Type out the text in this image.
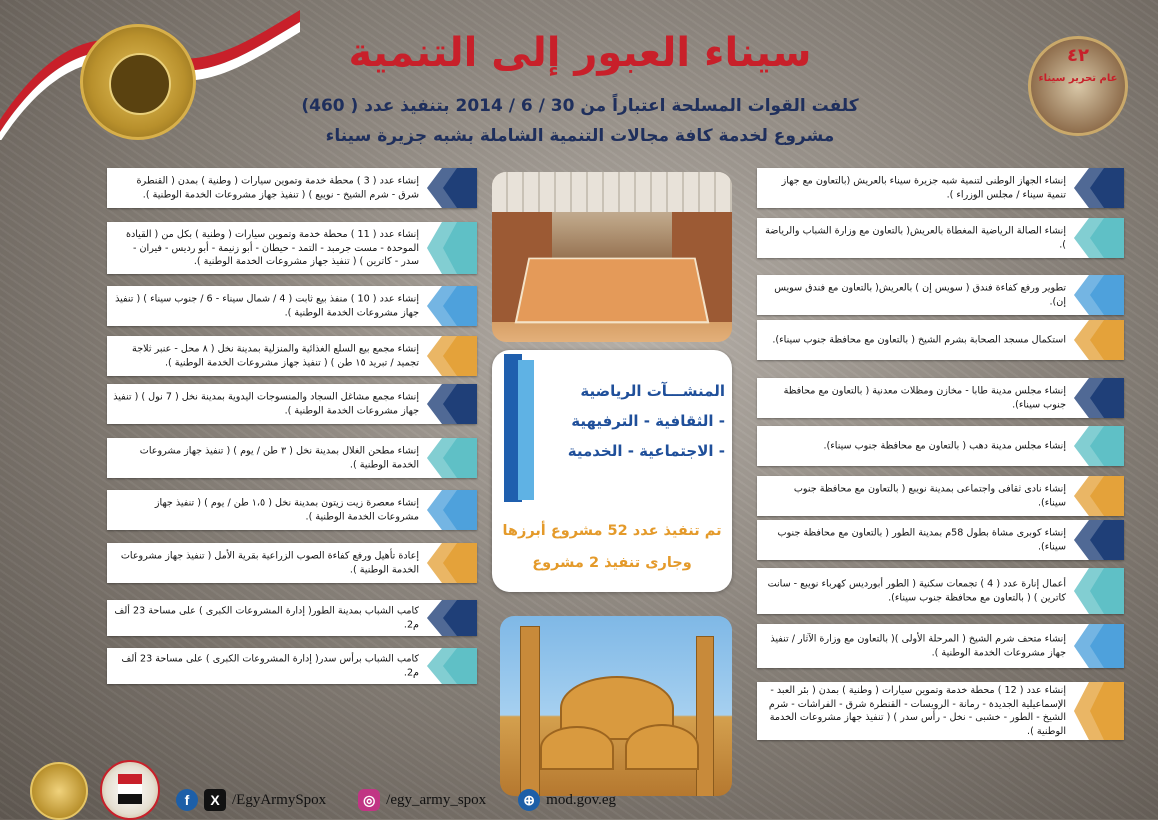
٤٢
عام تحرير سيناء
سيناء العبور إلى التنمية

كلفت القوات المسلحة اعتباراً من 30 / 6 / 2014 بتنفيذ عدد ( 460)

مشروع لخدمة كافة مجالات التنمية الشاملة بشبه جزيرة سيناء

إنشاء الجهاز الوطنى لتنمية شبه جزيرة سيناء بالعريش (بالتعاون مع جهاز تنمية سيناء / مجلس الوزراء ).
إنشاء الصالة الرياضية المغطاة بالعريش( بالتعاون مع وزارة الشباب والرياضة ).
تطوير ورفع كفاءة فندق ( سويس إن ) بالعريش( بالتعاون مع فندق سويس إن).
استكمال مسجد الصحابة بشرم الشيخ ( بالتعاون مع محافظة جنوب سيناء).
إنشاء مجلس مدينة طابا - مخازن ومظلات معدنية ( بالتعاون مع محافظة جنوب سيناء).
إنشاء مجلس مدينة دهب ( بالتعاون مع محافظة جنوب سيناء).
إنشاء نادى ثقافى واجتماعى بمدينة نويبع ( بالتعاون مع محافظة جنوب سيناء).
إنشاء كوبرى مشاة بطول 58م بمدينة الطور ( بالتعاون مع محافظة جنوب سيناء).
أعمال إنارة عدد ( 4 ) تجمعات سكنية ( الطور أبورديس كهرباء نويبع - سانت كاترين ) ( بالتعاون مع محافظة جنوب سيناء).
إنشاء متحف شرم الشيخ ( المرحلة الأولى )( بالتعاون مع وزارة الآثار / تنفيذ جهاز مشروعات الخدمة الوطنية ).
إنشاء عدد ( 12 ) محطة خدمة وتموين سيارات ( وطنية ) بمدن ( بئر العبد - الإسماعيلية الجديدة - رمانة - الرويسات - القنطرة شرق - الفراشات - شرم الشيخ - الطور - خشبى - نخل - رأس سدر ) ( تنفيذ جهاز مشروعات الخدمة الوطنية ).
إنشاء عدد ( 3 ) محطة خدمة وتموين سيارات ( وطنية ) بمدن ( القنطرة شرق - شرم الشيخ - نويبع ) ( تنفيذ جهاز مشروعات الخدمة الوطنية ).
إنشاء عدد ( 11 ) محطة خدمة وتموين سيارات ( وطنية ) بكل من ( القيادة الموحدة - مست جرمبد - التمد - حيطان - أبو زنيمة - أبو رديس - فيران - سدر - كاترين ) ( تنفيذ جهاز مشروعات الخدمة الوطنية ).
إنشاء عدد ( 10 ) منفذ بيع ثابت ( 4 / شمال سيناء - 6 / جنوب سيناء ) ( تنفيذ جهاز مشروعات الخدمة الوطنية ).
إنشاء مجمع بيع السلع الغذائية والمنزلية بمدينة نخل ( ٨ محل - عنبر ثلاجة تجميد / تبريد ١٥ طن ) ( تنفيذ جهاز مشروعات الخدمة الوطنية ).
إنشاء مجمع مشاغل السجاد والمنسوجات اليدوية بمدينة نخل ( 7 نول ) ( تنفيذ جهاز مشروعات الخدمة الوطنية ).
إنشاء مطحن الغلال بمدينة نخل ( ٣ طن / يوم ) ( تنفيذ جهاز مشروعات الخدمة الوطنية ).
إنشاء معصرة زيت زيتون بمدينة نخل ( ١،٥ طن / يوم ) ( تنفيذ جهاز مشروعات الخدمة الوطنية ).
إعادة تأهيل ورفع كفاءة الصوب الزراعية بقرية الأمل ( تنفيذ جهاز مشروعات الخدمة الوطنية ).
كامب الشباب بمدينة الطور( إدارة المشروعات الكبرى ) على مساحة 23 ألف م2.
كامب الشباب برأس سدر( إدارة المشروعات الكبرى ) على مساحة 23 ألف م2.
المنشـــآت الرياضية
- الثقافية - الترفيهية
- الاجتماعية - الخدمية
تم تنفيذ عدد 52 مشروع أبرزها
وجارى تنفيذ 2 مشروع
f	X /EgyArmySpox	◎ /egy_army_spox	⊕ mod.gov.eg
